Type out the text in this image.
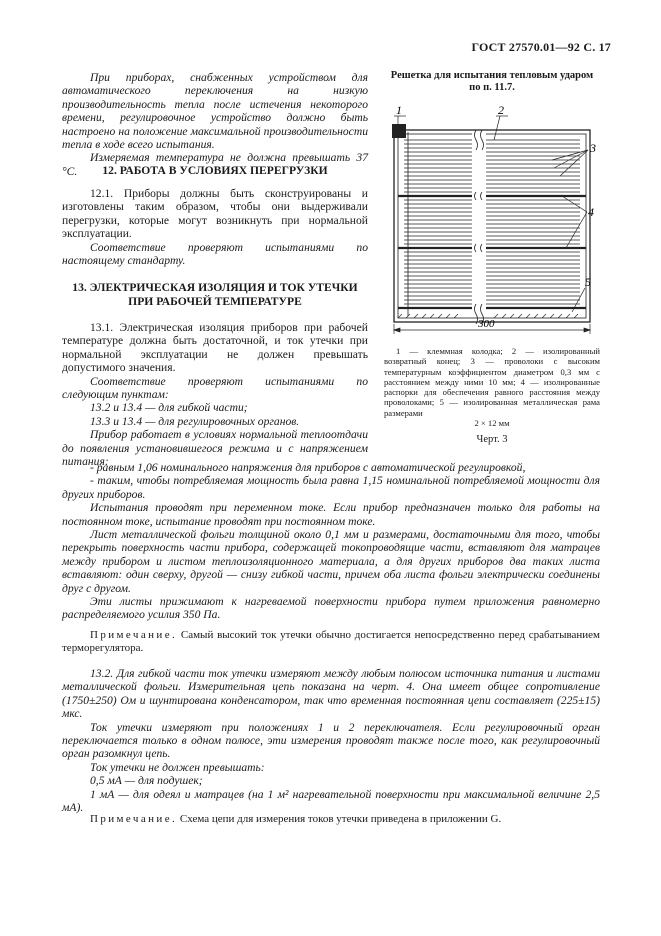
ГОСТ 27570.01—92 С. 17

При приборах, снабженных устройством для автоматического переключения на низкую производительность тепла после истечения некоторого времени, регулировочное устройство должно быть настроено на положение максимальной производительности тепла в ходе всего испытания.

Измеряемая температура не должна превышать 37 °С.	12. РАБОТА В УСЛОВИЯХ ПЕРЕГРУЗКИ

12.1. Приборы должны быть сконструированы и изготовлены таким образом, чтобы они выдерживали перегрузки, которые могут возникнуть при нормальной эксплуатации.

Соответствие проверяют испытаниями по настоящему стандарту.

13. ЭЛЕКТРИЧЕСКАЯ ИЗОЛЯЦИЯ И ТОК УТЕЧКИ

ПРИ РАБОЧЕЙ ТЕМПЕРАТУРЕ

13.1. Электрическая изоляция приборов при рабочей температуре должна быть достаточной, и ток утечки при нормальной эксплуатации не должен превышать допустимого значения.

Соответствие проверяют испытаниями по следующим пунктам:

13.2 и 13.4 — для гибкой части;

13.3 и 13.4 — для регулировочных органов.

Прибор работает в условиях нормальной теплоотдачи до появления установившегося режима и с напряжением питания:

Решетка для испытания тепловым ударом по п. 11.7.
1	2
3
4
5
300
1 — клеммная колодка; 2 — изолированный возвратный конец; 3 — проволоки с высоким температурным коэффициентом диаметром 0,3 мм с расстоянием между ними 10 мм; 4 — изолированные распорки для обеспечения равного расстояния между проволоками; 5 — изолированная металлическая рама размерами
2 × 12 мм
Черт. 3

- равным 1,06 номинального напряжения для приборов с автоматической регулировкой,

- таким, чтобы потребляемая мощность была равна 1,15 номинальной потребляемой мощности для других приборов.

Испытания проводят при переменном токе. Если прибор предназначен только для работы на постоянном токе, испытание проводят при постоянном токе.

Лист металлической фольги толщиной около 0,1 мм и размерами, достаточными для того, чтобы перекрыть поверхность части прибора, содержащей токопроводящие части, вставляют для матрацев между прибором и листом теплоизоляционного материала, а для других приборов два таких листа вставляют: один сверху, другой — снизу гибкой части, причем оба листа фольги электрически соединены друг с другом.

Эти листы прижимают к нагреваемой поверхности прибора путем приложения равномерно распределяемого усилия 350 Па.

Примечание. Самый высокий ток утечки обычно достигается непосредственно перед срабатыванием терморегулятора.

13.2. Для гибкой части ток утечки измеряют между любым полюсом источника питания и листами металлической фольги. Измерительная цепь показана на черт. 4. Она имеет общее сопротивление (1750±250) Ом и шунтирована конденсатором, так что временная постоянная цепи составляет (225±15) мкс.

Ток утечки измеряют при положениях 1 и 2 переключателя. Если регулировочный орган переключается только в одном полюсе, эти измерения проводят также после того, как регулировочный орган разомкнул цепь.

Ток утечки не должен превышать:

0,5 мА — для подушек;

1 мА — для одеял и матрацев (на 1 м² нагревательной поверхности при максимальной величине 2,5 мА).

Примечание. Схема цепи для измерения токов утечки приведена в приложении G.
